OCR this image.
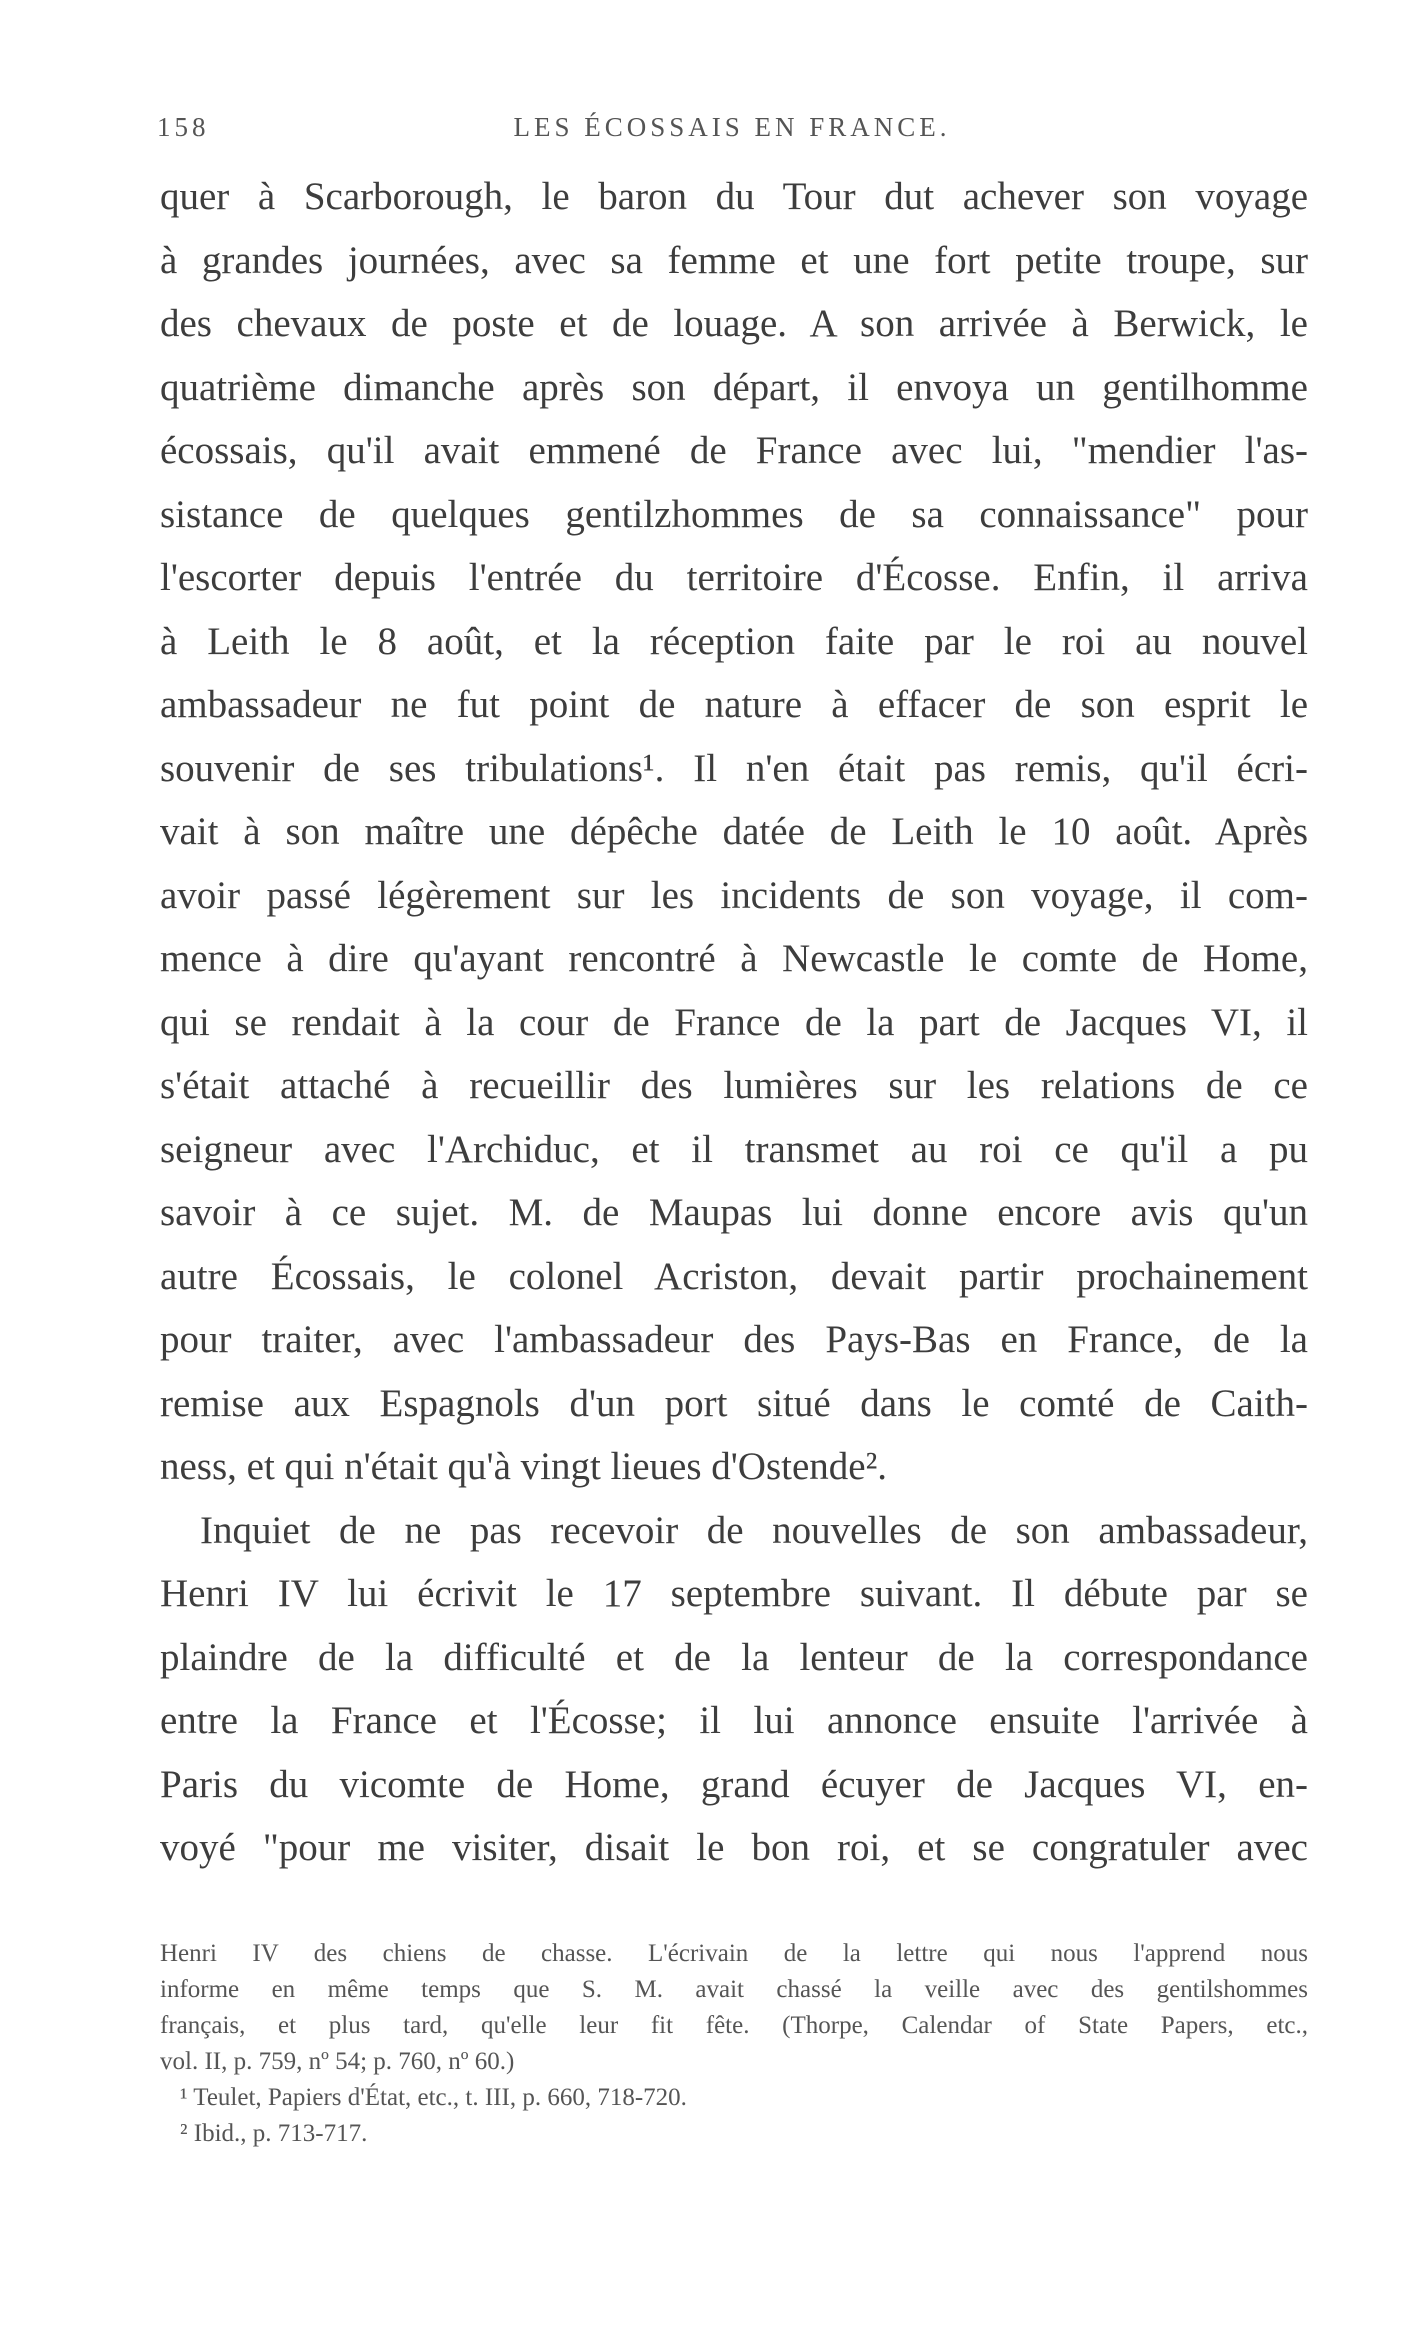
158	LES ÉCOSSAIS EN FRANCE.
quer à Scarborough, le baron du Tour dut achever son voyage
à grandes journées, avec sa femme et une fort petite troupe, sur
des chevaux de poste et de louage. A son arrivée à Berwick, le
quatrième dimanche après son départ, il envoya un gentilhomme
écossais, qu'il avait emmené de France avec lui, "mendier l'as-
sistance de quelques gentilzhommes de sa connaissance" pour
l'escorter depuis l'entrée du territoire d'Écosse. Enfin, il arriva
à Leith le 8 août, et la réception faite par le roi au nouvel
ambassadeur ne fut point de nature à effacer de son esprit le
souvenir de ses tribulations¹. Il n'en était pas remis, qu'il écri-
vait à son maître une dépêche datée de Leith le 10 août. Après
avoir passé légèrement sur les incidents de son voyage, il com-
mence à dire qu'ayant rencontré à Newcastle le comte de Home,
qui se rendait à la cour de France de la part de Jacques VI, il
s'était attaché à recueillir des lumières sur les relations de ce
seigneur avec l'Archiduc, et il transmet au roi ce qu'il a pu
savoir à ce sujet. M. de Maupas lui donne encore avis qu'un
autre Écossais, le colonel Acriston, devait partir prochainement
pour traiter, avec l'ambassadeur des Pays-Bas en France, de la
remise aux Espagnols d'un port situé dans le comté de Caith-
ness, et qui n'était qu'à vingt lieues d'Ostende².
Inquiet de ne pas recevoir de nouvelles de son ambassadeur,
Henri IV lui écrivit le 17 septembre suivant. Il débute par se
plaindre de la difficulté et de la lenteur de la correspondance
entre la France et l'Écosse; il lui annonce ensuite l'arrivée à
Paris du vicomte de Home, grand écuyer de Jacques VI, en-
voyé "pour me visiter, disait le bon roi, et se congratuler avec
Henri IV des chiens de chasse. L'écrivain de la lettre qui nous l'apprend nous
informe en même temps que S. M. avait chassé la veille avec des gentilshommes
français, et plus tard, qu'elle leur fit fête. (Thorpe, Calendar of State Papers, etc.,
vol. II, p. 759, nº 54; p. 760, nº 60.)
¹ Teulet, Papiers d'État, etc., t. III, p. 660, 718-720.
² Ibid., p. 713-717.
